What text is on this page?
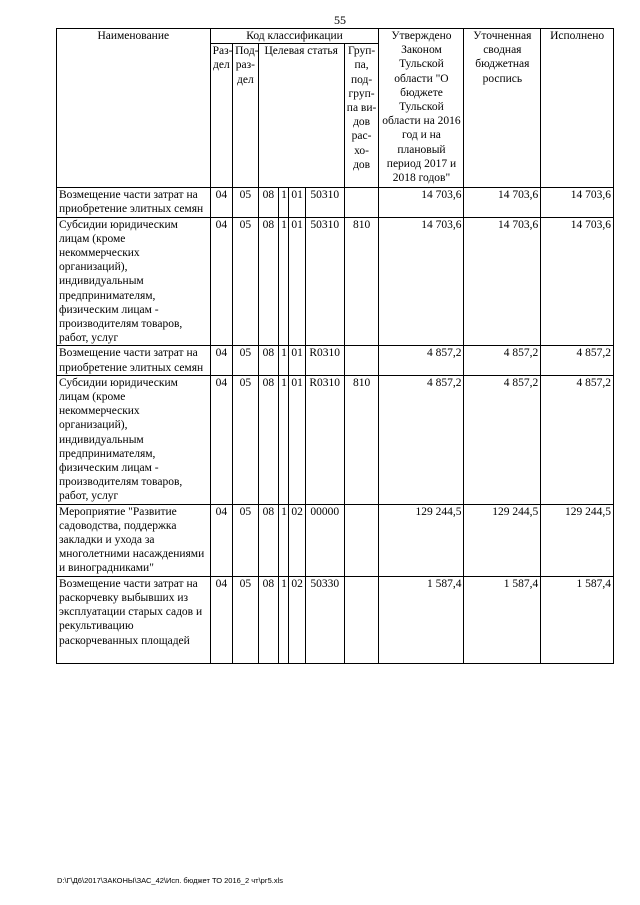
55
Наименование	Код классификации							Утверждено Законом Тульской области "О бюджете Тульской области на 2016 год и на плановый период 2017 и 2018 годов"	Уточненная сводная бюджетная роспись	Исполнено
	Раз-дел	Под-раз-дел	Целевая статья				Груп-па, под-груп-па ви-дов рас-хо-дов			
Возмещение части затрат на приобретение элитных семян	04	05	08	1	01	50310		14 703,6	14 703,6	14 703,6
Субсидии юридическим лицам (кроме некоммерческих организаций), индивидуальным предпринимателям, физическим лицам - производителям товаров, работ, услуг	04	05	08	1	01	50310	810	14 703,6	14 703,6	14 703,6
Возмещение части затрат на приобретение элитных семян	04	05	08	1	01	R0310		4 857,2	4 857,2	4 857,2
Субсидии юридическим лицам (кроме некоммерческих организаций), индивидуальным предпринимателям, физическим лицам - производителям товаров, работ, услуг	04	05	08	1	01	R0310	810	4 857,2	4 857,2	4 857,2
Мероприятие "Развитие садоводства, поддержка закладки и ухода за многолетними насаждениями и виноградниками"	04	05	08	1	02	00000		129 244,5	129 244,5	129 244,5
Возмещение части затрат на раскорчевку выбывших из эксплуатации старых садов и рекультивацию раскорчеванных площадей	04	05	08	1	02	50330		1 587,4	1 587,4	1 587,4
D:\Г\Д6\2017\ЗАКОНЫ\ЗАС_42\Исп. бюджет ТО 2016_2 чт\рг5.xls
